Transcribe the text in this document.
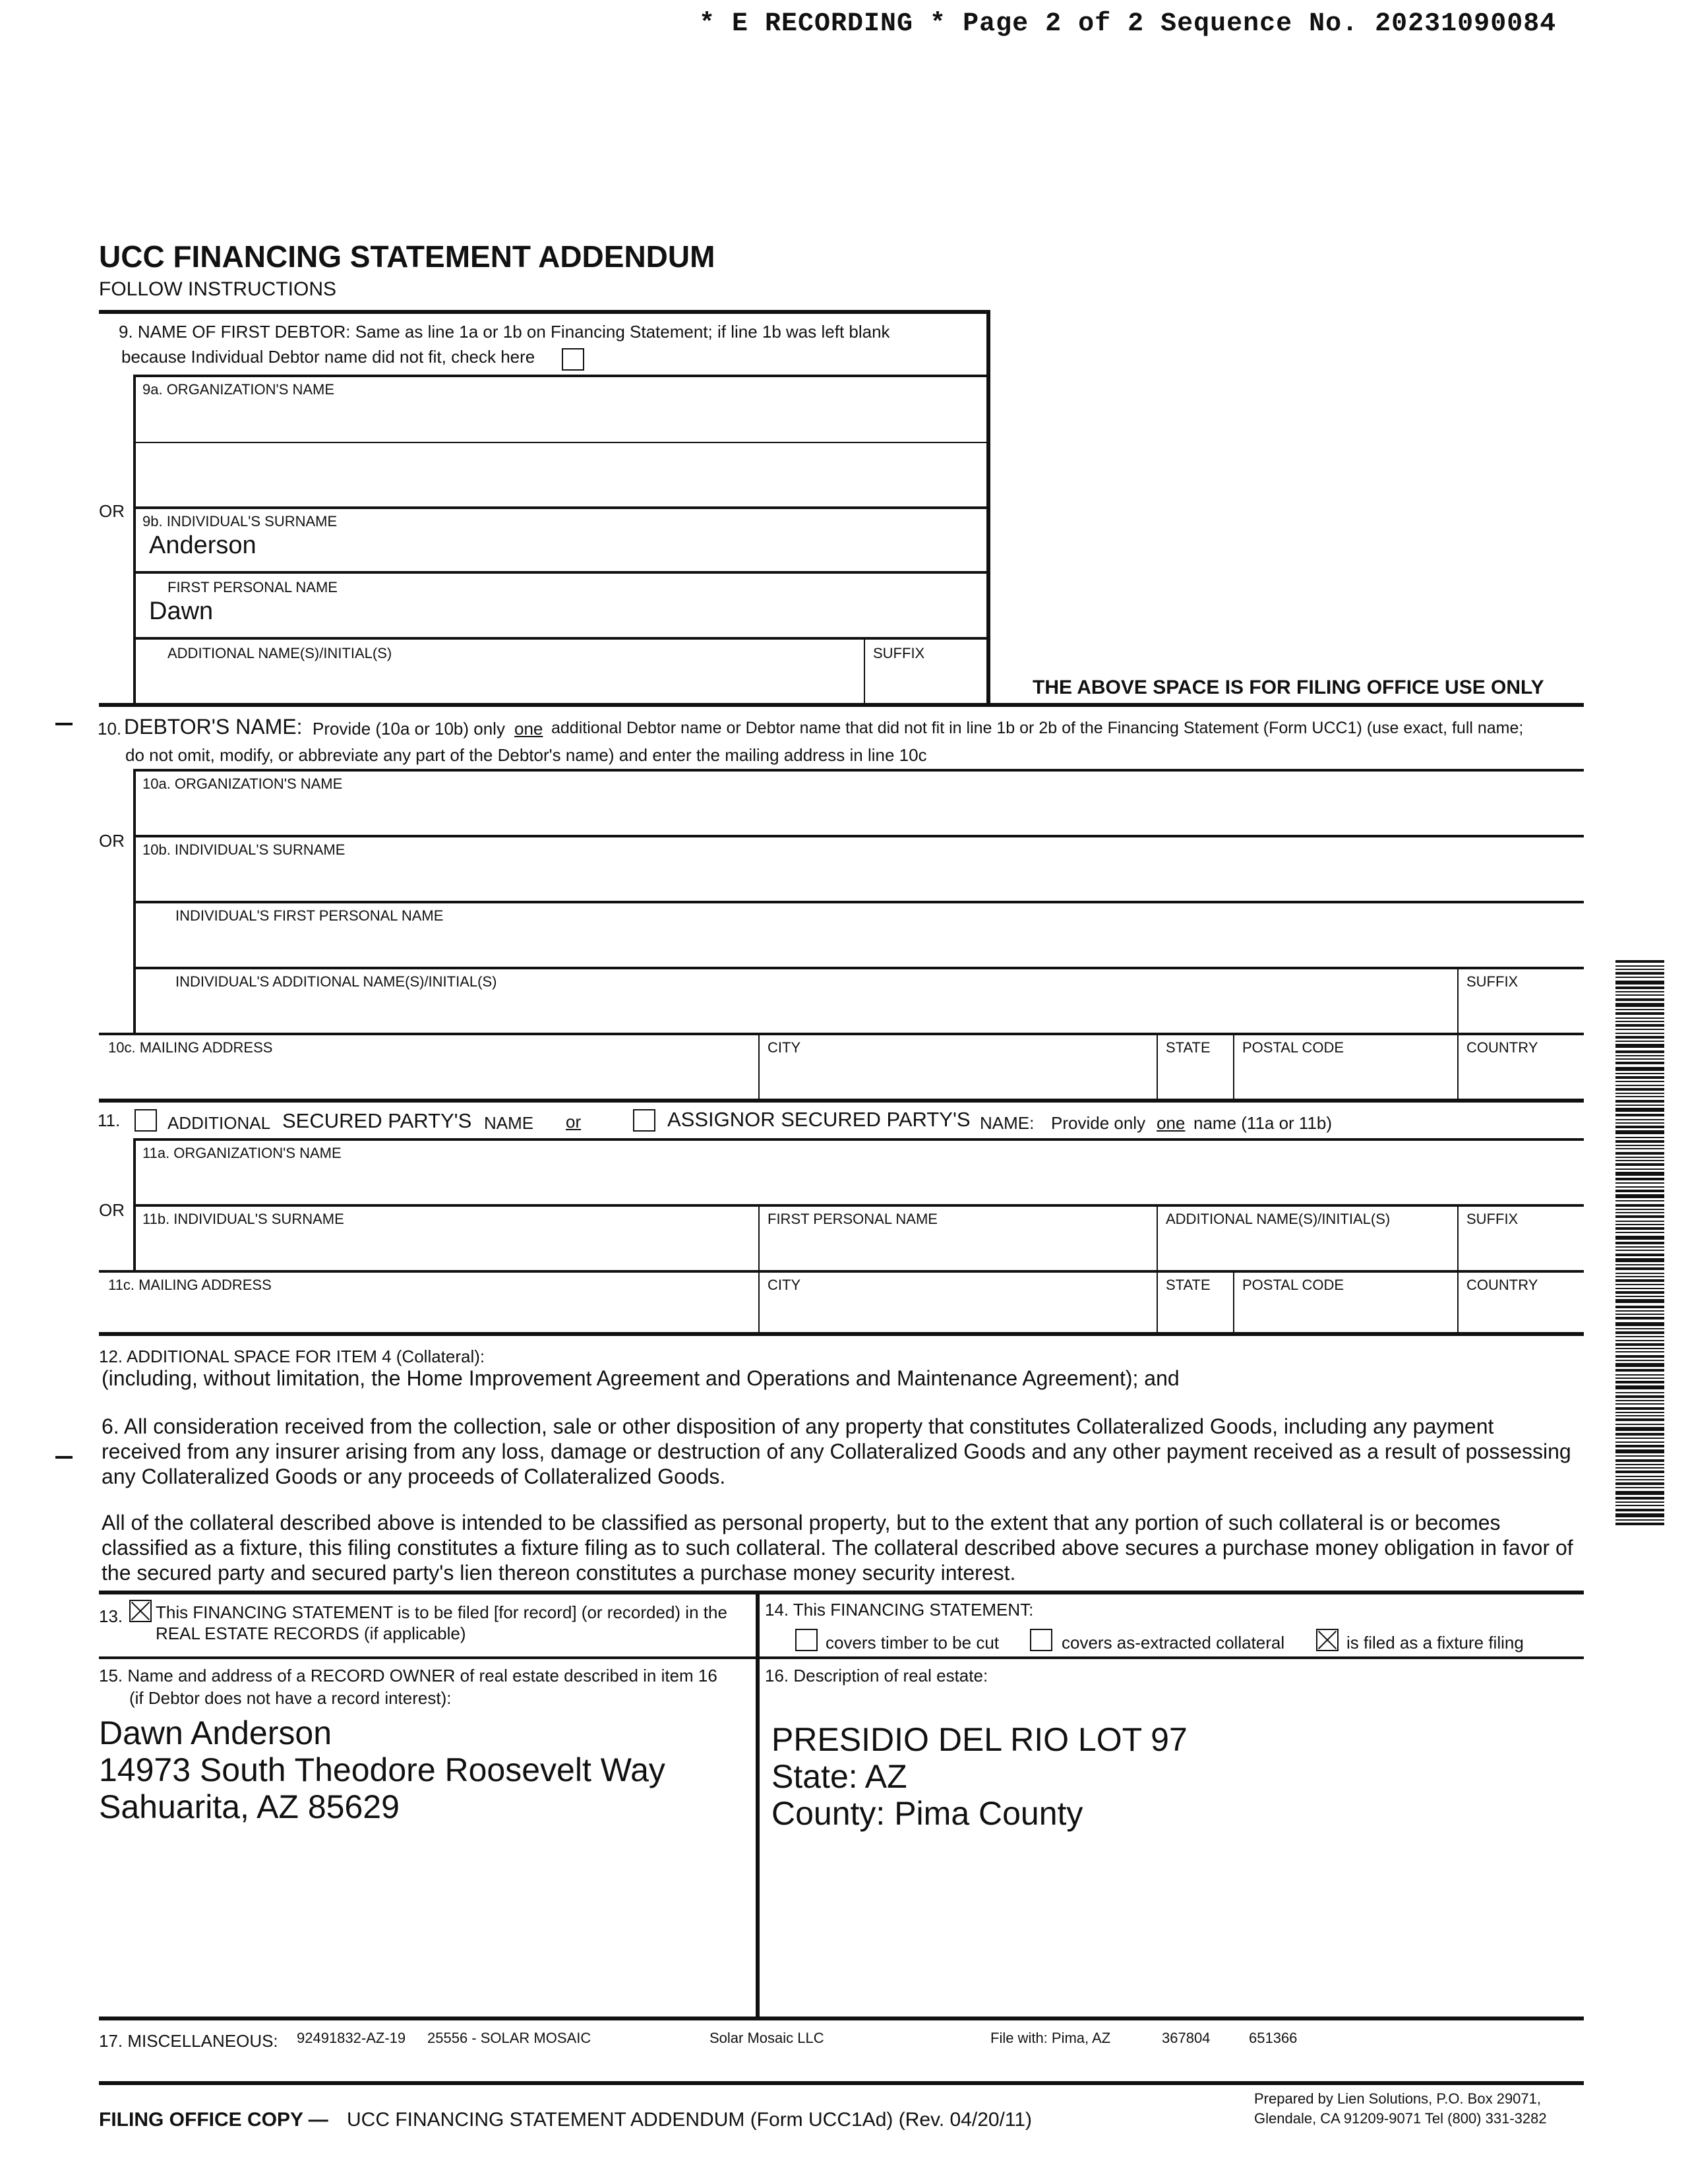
* E RECORDING * Page 2 of 2 Sequence No. 20231090084
UCC FINANCING STATEMENT ADDENDUM
FOLLOW INSTRUCTIONS
9. NAME OF FIRST DEBTOR: Same as line 1a or 1b on Financing Statement; if line 1b was left blank
because Individual Debtor name did not fit, check here
9a. ORGANIZATION'S NAME
OR
9b. INDIVIDUAL'S SURNAME
Anderson
FIRST PERSONAL NAME
Dawn
ADDITIONAL NAME(S)/INITIAL(S)	SUFFIX
THE ABOVE SPACE IS FOR FILING OFFICE USE ONLY
10. DEBTOR'S NAME: Provide (10a or 10b) only one additional Debtor name or Debtor name that did not fit in line 1b or 2b of the Financing Statement (Form UCC1) (use exact, full name;
do not omit, modify, or abbreviate any part of the Debtor's name) and enter the mailing address in line 10c
10a. ORGANIZATION'S NAME
OR 10b. INDIVIDUAL'S SURNAME
INDIVIDUAL'S FIRST PERSONAL NAME
INDIVIDUAL'S ADDITIONAL NAME(S)/INITIAL(S)	SUFFIX
10c. MAILING ADDRESS	CITY	STATE POSTAL CODE	COUNTRY
11.	ADDITIONAL SECURED PARTY'S NAME or	ASSIGNOR SECURED PARTY'S NAME: Provide only one name (11a or 11b)
11a. ORGANIZATION'S NAME
OR 11b. INDIVIDUAL'S SURNAME	FIRST PERSONAL NAME	ADDITIONAL NAME(S)/INITIAL(S)	SUFFIX
11c. MAILING ADDRESS	CITY	STATE POSTAL CODE	COUNTRY
12. ADDITIONAL SPACE FOR ITEM 4 (Collateral):
(including, without limitation, the Home Improvement Agreement and Operations and Maintenance Agreement); and
6. All consideration received from the collection, sale or other disposition of any property that constitutes Collateralized Goods, including any payment received from any insurer arising from any loss, damage or destruction of any Collateralized Goods and any other payment received as a result of possessing any Collateralized Goods or any proceeds of Collateralized Goods.
All of the collateral described above is intended to be classified as personal property, but to the extent that any portion of such collateral is or becomes classified as a fixture, this filing constitutes a fixture filing as to such collateral. The collateral described above secures a purchase money obligation in favor of the secured party and secured party's lien thereon constitutes a purchase money security interest.
13. This FINANCING STATEMENT is to be filed [for record] (or recorded) in the
REAL ESTATE RECORDS (if applicable)
14. This FINANCING STATEMENT:
covers timber to be cut	covers as-extracted collateral	is filed as a fixture filing
15. Name and address of a RECORD OWNER of real estate described in item 16
(if Debtor does not have a record interest):
Dawn Anderson
14973 South Theodore Roosevelt Way
Sahuarita, AZ 85629
16. Description of real estate:
PRESIDIO DEL RIO LOT 97
State: AZ
County: Pima County
17. MISCELLANEOUS: 92491832-AZ-19 25556 - SOLAR MOSAIC	Solar Mosaic LLC	File with: Pima, AZ	367804	651366
FILING OFFICE COPY — UCC FINANCING STATEMENT ADDENDUM (Form UCC1Ad) (Rev. 04/20/11)
Prepared by Lien Solutions, P.O. Box 29071,
Glendale, CA 91209-9071 Tel (800) 331-3282
